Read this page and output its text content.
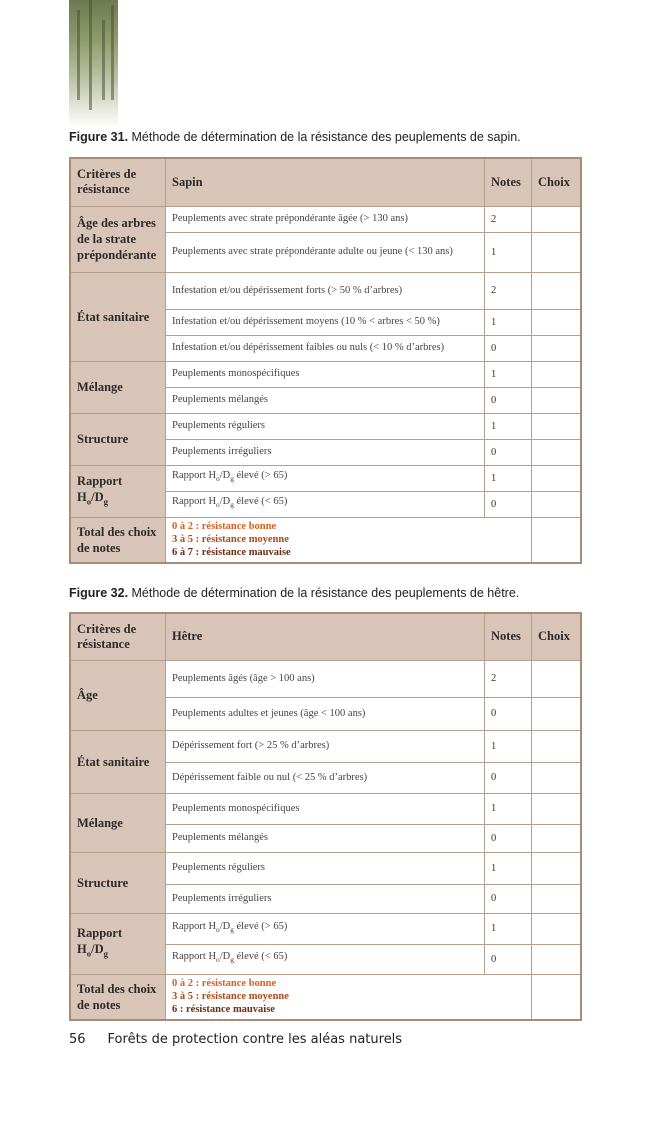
Figure 31. Méthode de détermination de la résistance des peuplements de sapin.
Critères de résistance	Sapin	Notes	Choix
Âge des arbres de la strate prépondérante	Peuplements avec strate prépondérante âgée (> 130 ans)	2	
	Peuplements avec strate prépondérante adulte ou jeune (< 130 ans)	1	
État sanitaire	Infestation et/ou dépérissement forts (> 50 % d’arbres)	2	
	Infestation et/ou dépérissement moyens (10 % < arbres < 50 %)	1	
	Infestation et/ou dépérissement faibles ou nuls (< 10 % d’arbres)	0	
Mélange	Peuplements monospécifiques	1	
	Peuplements mélangés	0	
Structure	Peuplements réguliers	1	
	Peuplements irréguliers	0	
Rapport
$H_o/D_g$	Rapport $H_o/D_g$ élevé (> 65)	1	
	Rapport $H_o/D_g$ élevé (< 65)	0	
Total des choix de notes	0 à 2 : résistance bonne
3 à 5 : résistance moyenne
6 à 7 : résistance mauvaise		

Figure 32. Méthode de détermination de la résistance des peuplements de hêtre.
Critères de résistance	Hêtre	Notes	Choix
Âge	Peuplements âgés (âge > 100 ans)	2	
	Peuplements adultes et jeunes (âge < 100 ans)	0	
État sanitaire	Dépérissement fort (> 25 % d’arbres)	1	
	Dépérissement faible ou nul (< 25 % d’arbres)	0	
Mélange	Peuplements monospécifiques	1	
	Peuplements mélangés	0	
Structure	Peuplements réguliers	1	
	Peuplements irréguliers	0	
Rapport
$H_o/D_g$	Rapport $H_o/D_g$ élevé (> 65)	1	
	Rapport $H_o/D_g$ élevé (< 65)	0	
Total des choix de notes	0 à 2 : résistance bonne
3 à 5 : résistance moyenne
6 : résistance mauvaise		

56 Forêts de protection contre les aléas naturels
